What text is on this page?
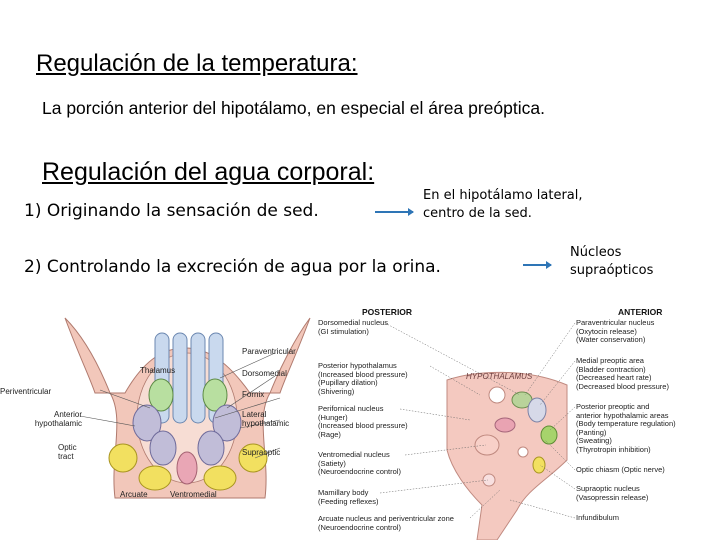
Regulación de la temperatura:
La porción anterior del hipotálamo, en especial el área preóptica.
Regulación del agua corporal:
1) Originando la sensación de sed.
En el hipotálamo lateral,
centro de la sed.
2) Controlando la excreción de agua por la orina.
Núcleos
supraópticos
Thalamus
Periventricular
Anterior
hypothalamic
Optic
tract
Arcuate	Ventromedial
Paraventricular
Dorsomedial
Fornix
Lateral
hypothalamic
Supraoptic
POSTERIOR	ANTERIOR
HYPOTHALAMUS
Dorsomedial nucleus
(GI stimulation)
Posterior hypothalamus
(Increased blood pressure)
(Pupillary dilation)
(Shivering)
Perifornical nucleus
(Hunger)
(Increased blood pressure)
(Rage)
Ventromedial nucleus
(Satiety)
(Neuroendocrine control)
Mamillary body
(Feeding reflexes)
Arcuate nucleus and periventricular zone
(Neuroendocrine control)
Paraventricular nucleus
(Oxytocin release)
(Water conservation)
Medial preoptic area
(Bladder contraction)
(Decreased heart rate)
(Decreased blood pressure)
Posterior preoptic and
anterior hypothalamic areas
(Body temperature regulation)
(Panting)
(Sweating)
(Thyrotropin inhibition)
Optic chiasm (Optic nerve)
Supraoptic nucleus
(Vasopressin release)
Infundibulum
